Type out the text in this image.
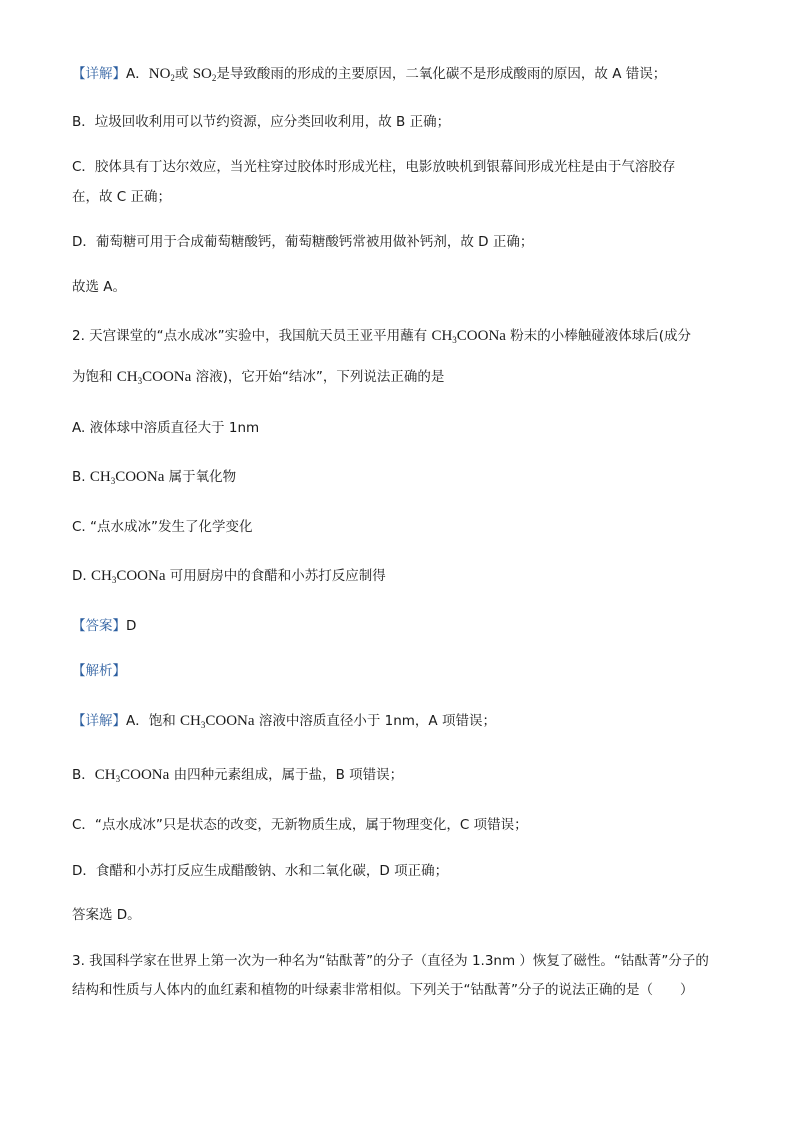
【详解】A．$NO_2$或 $SO_2$是导致酸雨的形成的主要原因，二氧化碳不是形成酸雨的原因，故 A 错误；
B．垃圾回收利用可以节约资源，应分类回收利用，故 B 正确；
C．胶体具有丁达尔效应，当光柱穿过胶体时形成光柱，电影放映机到银幕间形成光柱是由于气溶胶存
在，故 C 正确；
D．葡萄糖可用于合成葡萄糖酸钙，葡萄糖酸钙常被用做补钙剂，故 D 正确；
故选 A。
2. 天宫课堂的“点水成冰”实验中，我国航天员王亚平用蘸有 $CH_3COONa$ 粉末的小棒触碰液体球后(成分
为饱和 $CH_3COONa$ 溶液)，它开始“结冰”，下列说法正确的是
A. 液体球中溶质直径大于 1nm
B. $CH_3COONa$ 属于氧化物
C. “点水成冰”发生了化学变化
D. $CH_3COONa$ 可用厨房中的食醋和小苏打反应制得
【答案】D
【解析】
【详解】A．饱和 $CH_3COONa$ 溶液中溶质直径小于 1nm，A 项错误；
B．$CH_3COONa$ 由四种元素组成，属于盐，B 项错误；
C．“点水成冰”只是状态的改变，无新物质生成，属于物理变化，C 项错误；
D．食醋和小苏打反应生成醋酸钠、水和二氧化碳，D 项正确；
答案选 D。
3. 我国科学家在世界上第一次为一种名为“钴酞菁”的分子（直径为 1.3nm ）恢复了磁性。“钴酞菁”分子的
结构和性质与人体内的血红素和植物的叶绿素非常相似。下列关于“钴酞菁”分子的说法正确的是（　　）
